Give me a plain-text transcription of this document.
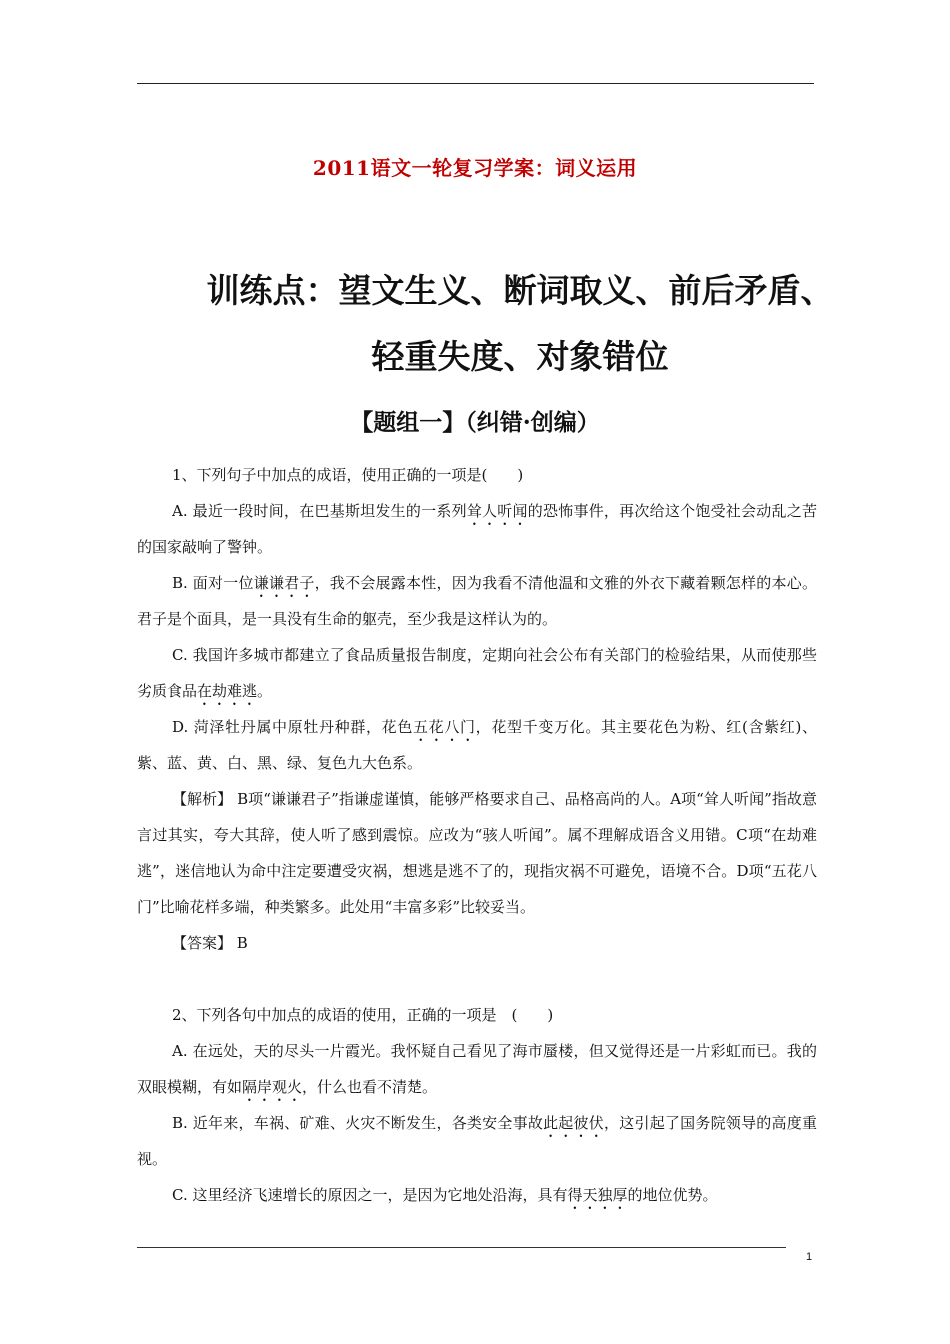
2011语文一轮复习学案：词义运用
训练点：望文生义、断词取义、前后矛盾、
轻重失度、对象错位
【题组一】（纠错·创编）

1、下列句子中加点的成语，使用正确的一项是(　　)

A. 最近一段时间，在巴基斯坦发生的一系列耸人听闻的恐怖事件，再次给这个饱受社会动乱之苦的国家敲响了警钟。

B. 面对一位谦谦君子，我不会展露本性，因为我看不清他温和文雅的外衣下藏着颗怎样的本心。君子是个面具，是一具没有生命的躯壳，至少我是这样认为的。

C. 我国许多城市都建立了食品质量报告制度，定期向社会公布有关部门的检验结果，从而使那些劣质食品在劫难逃。

D. 菏泽牡丹属中原牡丹种群，花色五花八门，花型千变万化。其主要花色为粉、红(含紫红)、紫、蓝、黄、白、黑、绿、复色九大色系。

【解析】 B项“谦谦君子”指谦虚谨慎，能够严格要求自己、品格高尚的人。A项“耸人听闻”指故意言过其实，夸大其辞，使人听了感到震惊。应改为“骇人听闻”。属不理解成语含义用错。C项“在劫难逃”，迷信地认为命中注定要遭受灾祸，想逃是逃不了的，现指灾祸不可避免，语境不合。D项“五花八门”比喻花样多端，种类繁多。此处用“丰富多彩”比较妥当。

【答案】 B

2、下列各句中加点的成语的使用，正确的一项是　(　　)

A. 在远处，天的尽头一片霞光。我怀疑自己看见了海市蜃楼，但又觉得还是一片彩虹而已。我的双眼模糊，有如隔岸观火，什么也看不清楚。

B. 近年来，车祸、矿难、火灾不断发生，各类安全事故此起彼伏，这引起了国务院领导的高度重视。

C. 这里经济飞速增长的原因之一，是因为它地处沿海，具有得天独厚的地位优势。

1
